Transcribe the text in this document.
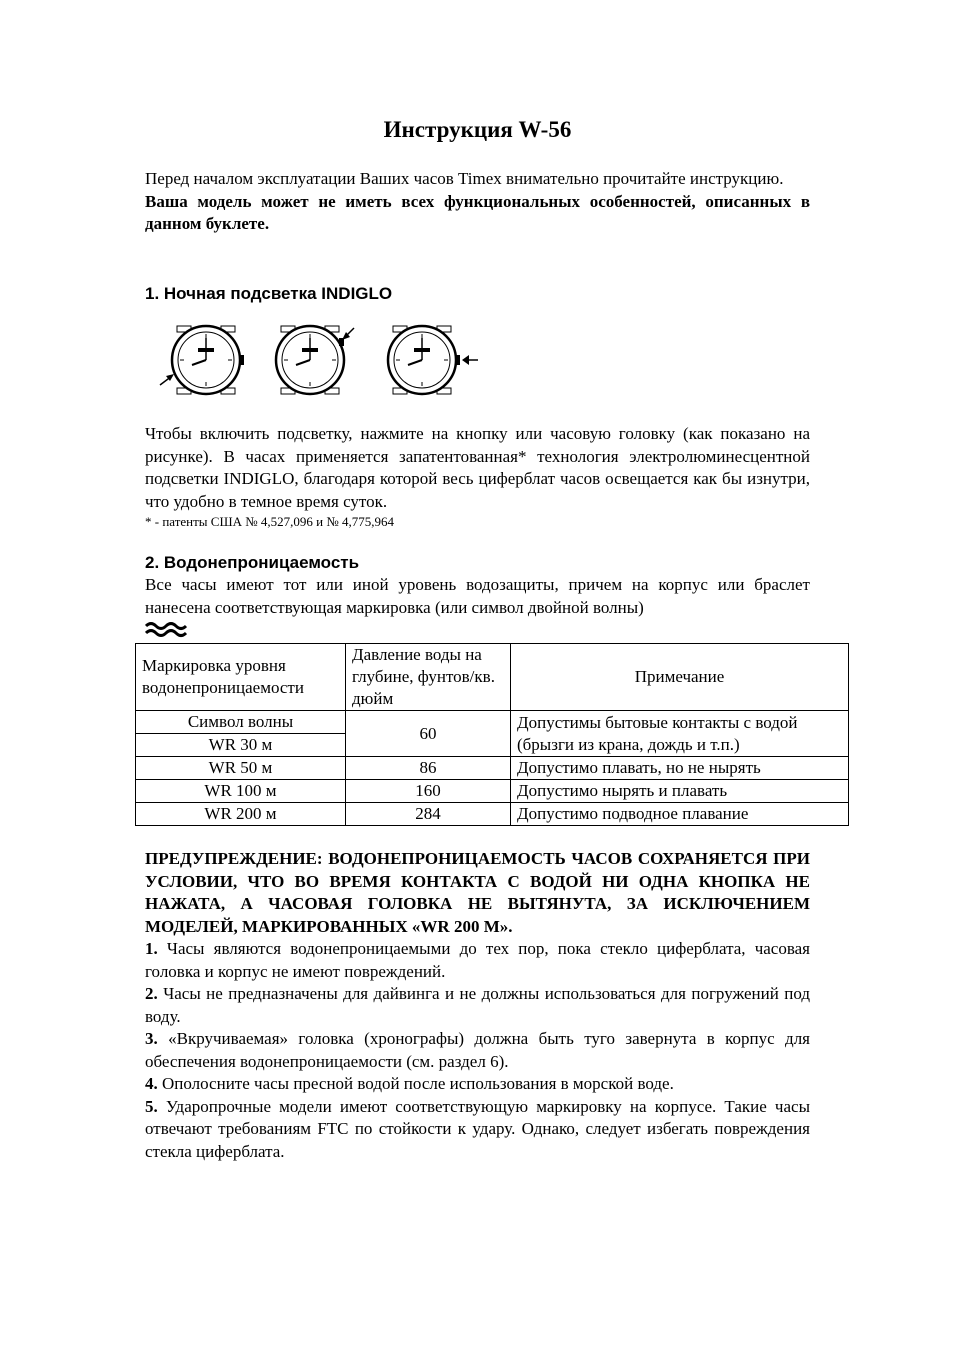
Инструкция W-56

Перед началом эксплуатации Ваших часов Timex внимательно прочитайте инструкцию.

Ваша модель может не иметь всех функциональных особенностей, описанных в данном буклете.

1. Ночная подсветка INDIGLO

Чтобы включить подсветку, нажмите на кнопку или часовую головку (как показано на рисунке). В часах применяется запатентованная* технология электролюминесцентной подсветки INDIGLO, благодаря которой весь циферблат часов освещается как бы изнутри, что удобно в темное время суток.

* - патенты США № 4,527,096 и № 4,775,964

2. Водонепроницаемость

Все часы имеют тот или иной уровень водозащиты, причем на корпус или браслет нанесена соответствующая маркировка (или символ двойной волны)

Маркировка уровня водонепроницаемости	Давление воды на глубине, фунтов/кв. дюйм	Примечание
Символ волны	60	Допустимы бытовые контакты с водой (брызги из крана, дождь и т.п.)
WR 30 м		
WR 50 м	86	Допустимо плавать, но не нырять
WR 100 м	160	Допустимо нырять и плавать
WR 200 м	284	Допустимо подводное плавание

ПРЕДУПРЕЖДЕНИЕ: ВОДОНЕПРОНИЦАЕМОСТЬ ЧАСОВ СОХРАНЯЕТСЯ ПРИ УСЛОВИИ, ЧТО ВО ВРЕМЯ КОНТАКТА С ВОДОЙ НИ ОДНА КНОПКА НЕ НАЖАТА, А ЧАСОВАЯ ГОЛОВКА НЕ ВЫТЯНУТА, ЗА ИСКЛЮЧЕНИЕМ МОДЕЛЕЙ, МАРКИРОВАННЫХ «WR 200 М».

1. Часы являются водонепроницаемыми до тех пор, пока стекло циферблата, часовая головка и корпус не имеют повреждений.

2. Часы не предназначены для дайвинга и не должны использоваться для погружений под воду.

3. «Вкручиваемая» головка (хронографы) должна быть туго завернута в корпус для обеспечения водонепроницаемости (см. раздел 6).

4. Ополосните часы пресной водой после использования в морской воде.

5. Ударопрочные модели имеют соответствующую маркировку на корпусе. Такие часы отвечают требованиям FTC по стойкости к удару. Однако, следует избегать повреждения стекла циферблата.
